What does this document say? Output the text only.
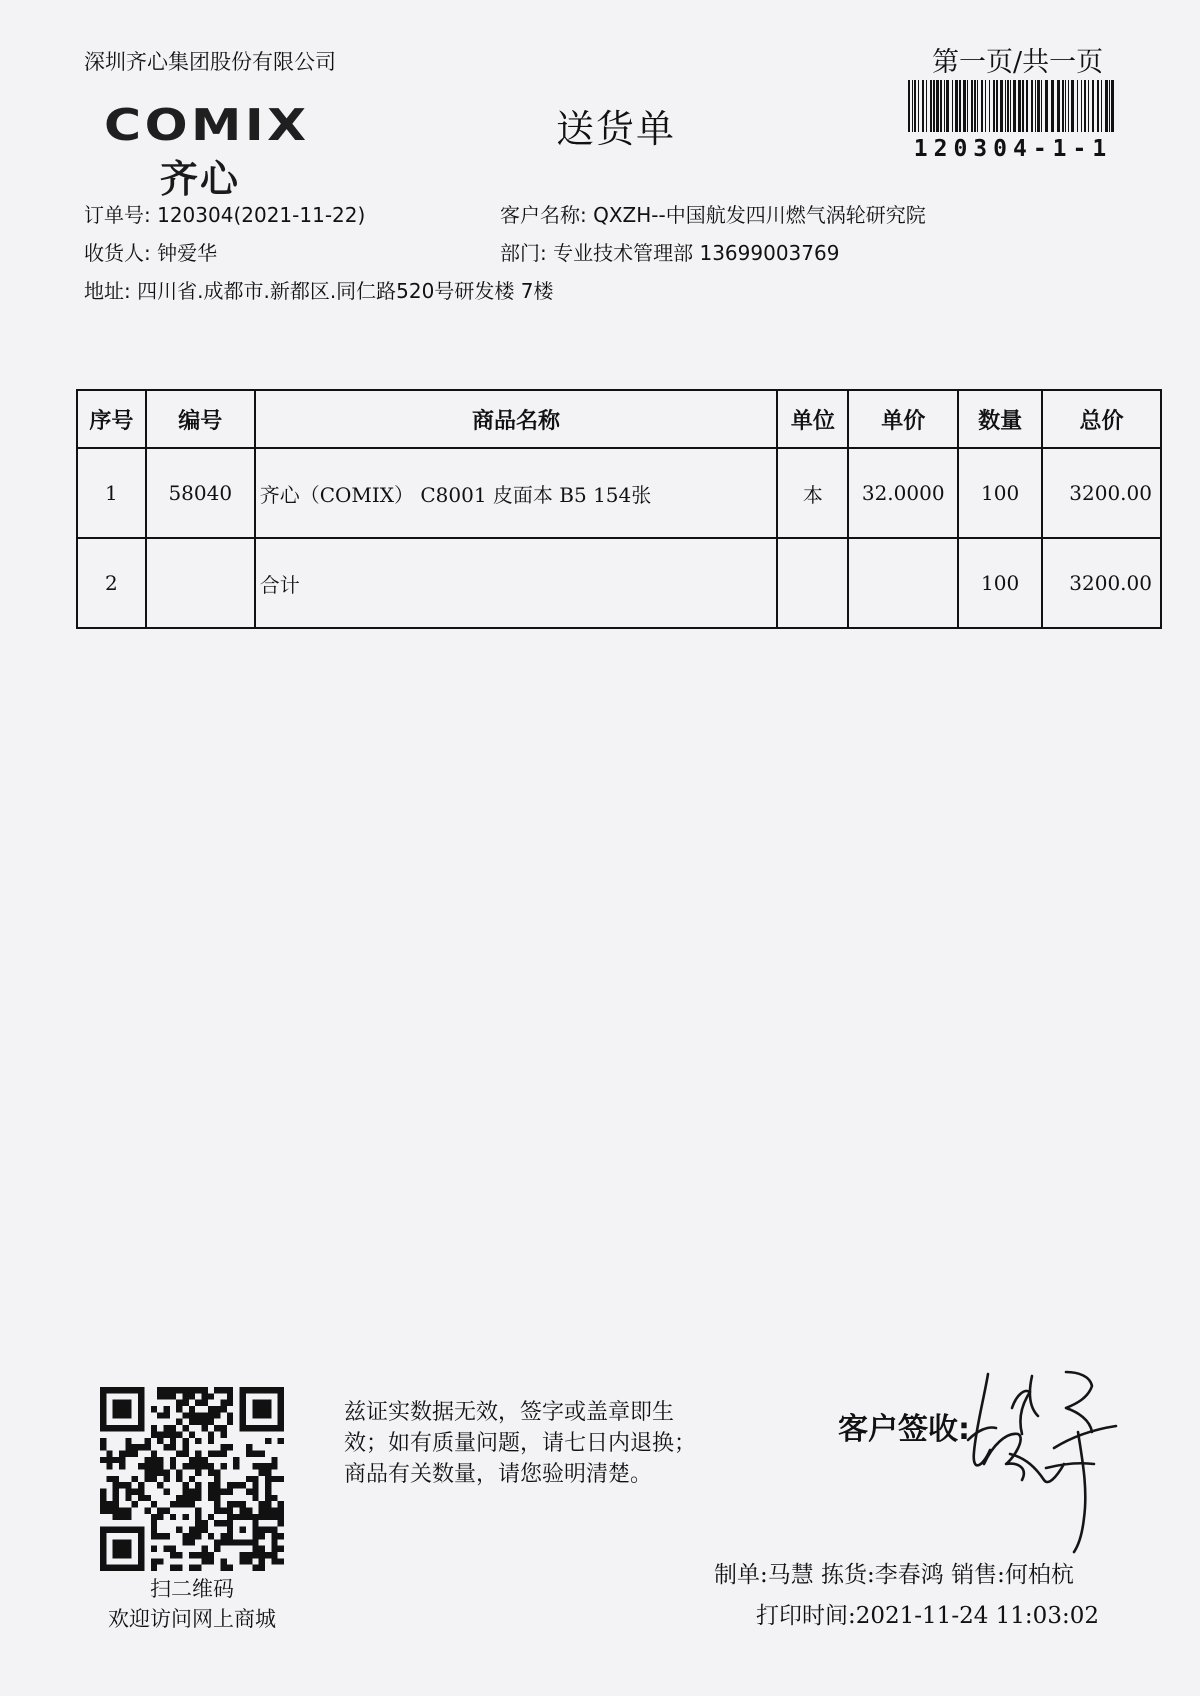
深圳齐心集团股份有限公司	第一页/共一页
送货单
COMIX
齐心
120304-1-1
订单号: 120304(2021-11-22)	客户名称: QXZH--中国航发四川燃气涡轮研究院
收货人: 钟爱华	部门: 专业技术管理部 13699003769
地址: 四川省.成都市.新都区.同仁路520号研发楼 7楼
序号	编号	商品名称	单位	单价	数量	总价
1	58040	齐心（COMIX） C8001 皮面本 B5 154张	本	32.0000	100	3200.00
2		合计			100	3200.00
扫二维码
欢迎访问网上商城
兹证实数据无效，签字或盖章即生
效；如有质量问题，请七日内退换；
商品有关数量，请您验明清楚。
客户签收:
制单:马慧 拣货:李春鸿 销售:何柏杭
打印时间:2021-11-24 11:03:02
